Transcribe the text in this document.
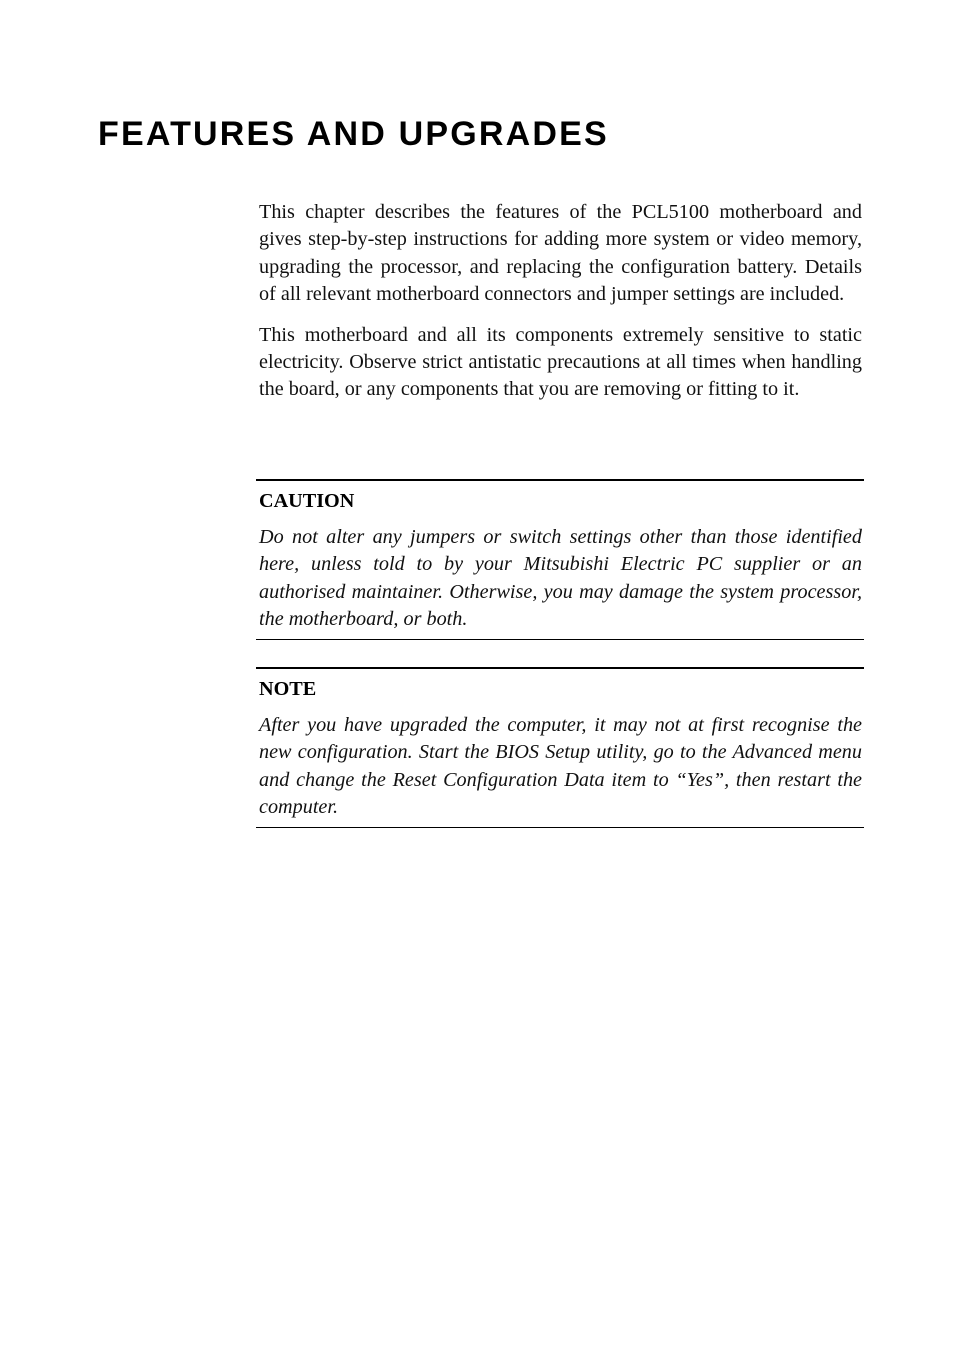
FEATURES AND UPGRADES

This chapter describes the features of the PCL5100 motherboard and gives step-by-step instructions for adding more system or video memory, upgrading the processor, and replacing the configuration battery. Details of all relevant motherboard connectors and jumper settings are included.

This motherboard and all its components extremely sensitive to static electricity. Observe strict antistatic precautions at all times when handling the board, or any components that you are removing or fitting to it.

CAUTION
Do not alter any jumpers or switch settings other than those identified here, unless told to by your Mitsubishi Electric PC supplier or an authorised maintainer. Otherwise, you may damage the system processor, the motherboard, or both.
NOTE
After you have upgraded the computer, it may not at first recognise the new configuration. Start the BIOS Setup utility, go to the Advanced menu and change the Reset Configuration Data item to “Yes”, then restart the computer.
